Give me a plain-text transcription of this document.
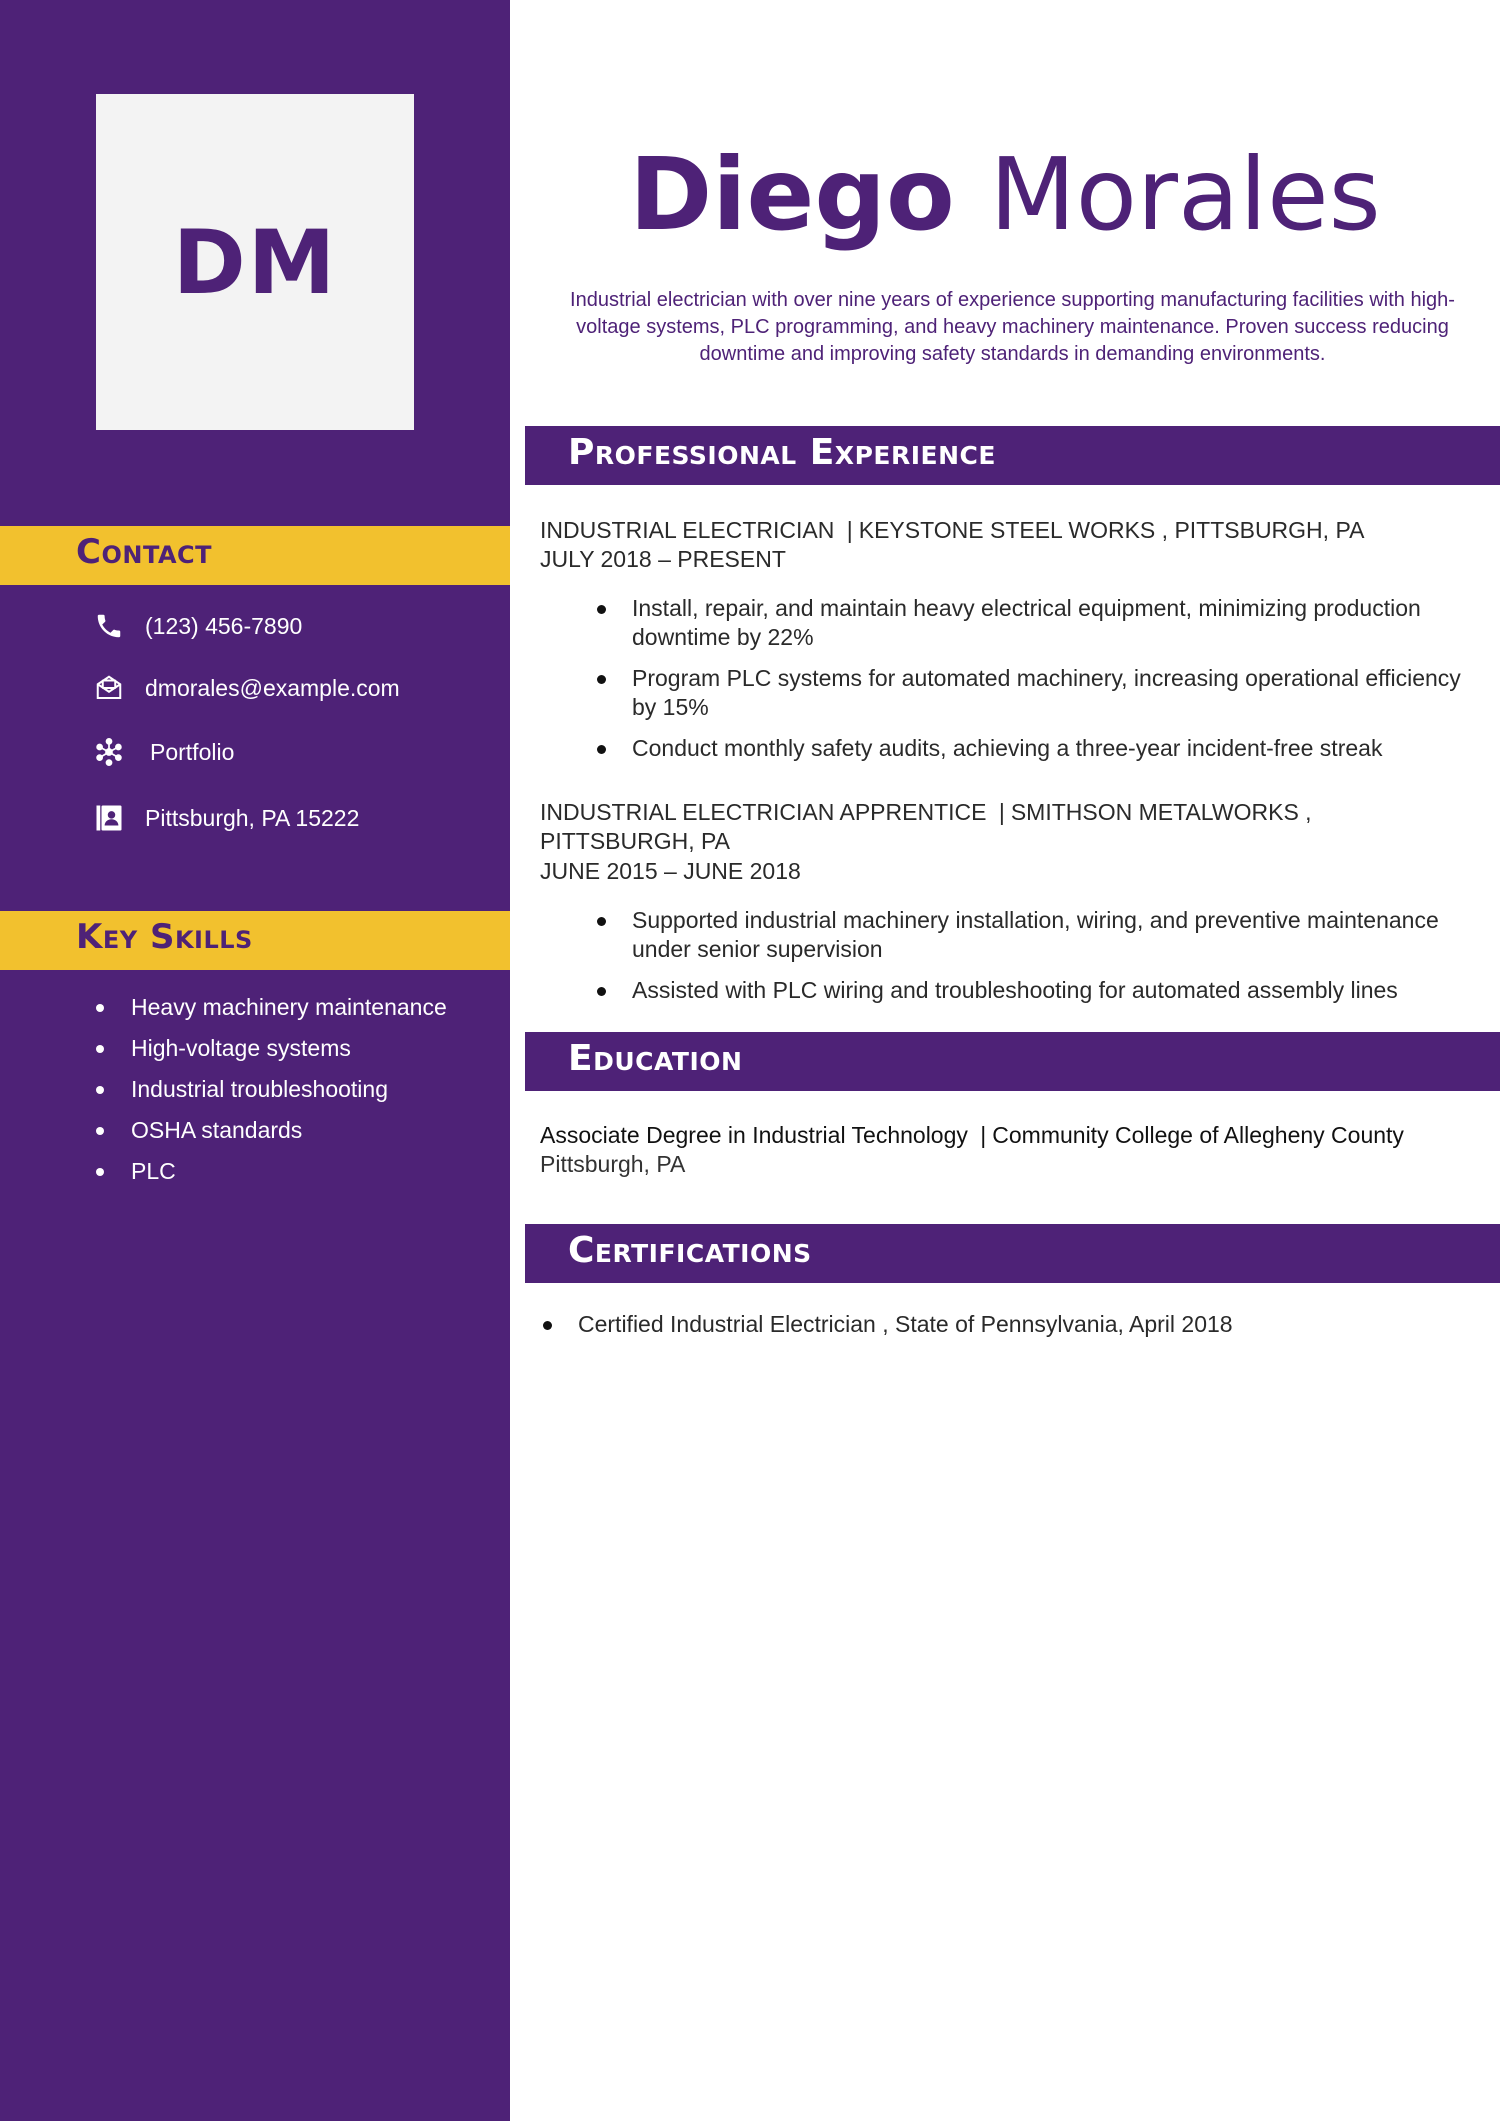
DM
Contact
(123) 456-7890
dmorales@example.com
Portfolio
Pittsburgh, PA 15222
Key Skills
Heavy machinery maintenance
High-voltage systems
Industrial troubleshooting
OSHA standards
PLC
Diego Morales

Industrial electrician with over nine years of experience supporting manufacturing facilities with high-voltage systems, PLC programming, and heavy machinery maintenance. Proven success reducing downtime and improving safety standards in demanding environments.

Professional Experience
INDUSTRIAL ELECTRICIAN | KEYSTONE STEEL WORKS , PITTSBURGH, PA
JULY 2018 – PRESENT
Install, repair, and maintain heavy electrical equipment, minimizing production downtime by 22%
Program PLC systems for automated machinery, increasing operational efficiency by 15%
Conduct monthly safety audits, achieving a three-year incident-free streak
INDUSTRIAL ELECTRICIAN APPRENTICE | SMITHSON METALWORKS , PITTSBURGH, PA
JUNE 2015 – JUNE 2018
Supported industrial machinery installation, wiring, and preventive maintenance under senior supervision
Assisted with PLC wiring and troubleshooting for automated assembly lines
Education
Associate Degree in Industrial Technology | Community College of Allegheny County
Pittsburgh, PA
Certifications
Certified Industrial Electrician , State of Pennsylvania, April 2018
